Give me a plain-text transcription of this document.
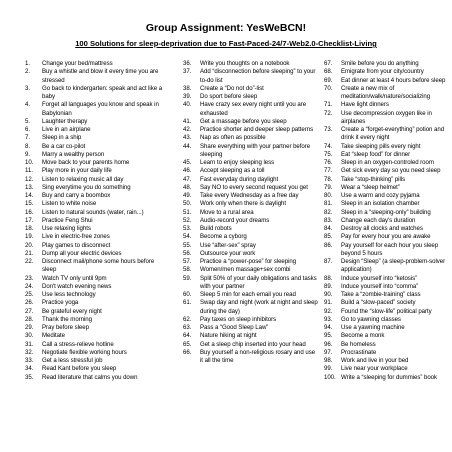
Group Assignment: YesWeBCN!

100 Solutions for sleep-deprivation due to Fast-Paced-24/7-Web2.0-Checklist-Living

1.	Change your bed/mattress
2.	Buy a whistle and blow it every time you are stressed
3.	Go back to kindergarten: speak and act like a baby
4.	Forget all languages you know and speak in Babylonian
5.	Laughter therapy
6.	Live in an airplane
7.	Sleep in a ship
8.	Be a car co-pilot
9.	Marry a wealthy person
10.	Move back to your parents home
11.	Play more in your daily life
12.	Listen to relaxing music all day
13.	Sing everytime you do something
14.	Buy and carry a boombox
15.	Listen to white noise
16.	Listen to natural sounds (water, rain...)
17.	Practice Feng Shui
18.	Use relaxing lights
19.	Live in electric-free zones
20.	Play games to disconnect
21.	Dump all your electric devices
22.	Disconnect mail/phone some hours before sleep
23.	Watch TV only until 9pm
24.	Don't watch evening news
25.	Use less technology
26.	Practice yoga
27.	Be grateful every night
28.	Thank the morning
29.	Pray before sleep
30.	Meditate
31.	Call a stress-relieve hotline
32.	Negotiate flexible working hours
33.	Get a less stressful job
34.	Read Kant before you sleep
35.	Read literature that calms you down
36.	Write you thoughts on a notebook
37.	Add “disconnection before sleeping” to your to-do list
38.	Create a “Do not do”-list
39.	Do sport before sleep
40.	Have crazy sex every night until you are exhausted
41.	Get a massage before you sleep
42.	Practice shorter and deeper sleep patterns
43.	Nap as often as possible
44.	Share everything with your partner before sleeping
45.	Learn to enjoy sleeping less
46.	Accept sleeping as a toll
47.	Fast everyday during daylight
48.	Say NO to every second request you get
49.	Take every Wednesday as a free day
50.	Work only when there is daylight
51.	Move to a rural area
52.	Audio-record your dreams
53.	Build robots
54.	Become a cyborg
55.	Use “after-sex” spray
56.	Outsource your work
57.	Practice a “power-pose” for sleeping
58.	Women/men massage+sex combi
59.	Split 50% of your daily obligations and tasks with your partner
60.	Sleep 5 min for each email you read
61.	Swap day and night (work at night and sleep during the day)
62.	Pay taxes on sleep inhibitors
63.	Pass a “Good Sleep Law”
64.	Nature hiking at night
65.	Get a sleep chip inserted into your head
66.	Buy yourself a non-religious rosary and use it all the time
67.	Smile before you do anything
68.	Emigrate from your city/country
69.	Eat dinner at least 4 hours before sleep
70.	Create a new mix of meditation/walk/nature/socializing
71.	Have light dinners
72.	Use decompression oxygen like in airplanes
73.	Create a “forget-everything” potion and drink it every night
74.	Take sleeping pills every night
75.	Eat “sleep food” for dinner
76.	Sleep in an oxygen-controled room
77.	Get sick every day so you need sleep
78.	Take “stop-thinking” pills
79.	Wear a “sleep helmet”
80.	Use a warm and cozy pyjama
81.	Sleep in an isolation chamber
82.	Sleep in a “sleeping-only” building
83.	Change each day's duration
84.	Destroy all clocks and watches
85.	Pay for every hour you are awake
86.	Pay yourself for each hour you sleep beyond 5 hours
87.	Design “Sleep” (a sleep-problem-solver application)
88.	Induce yourself into “ketosis”
89.	Induce yourself into “comma”
90.	Take a “zombie-training” class
91.	Build a “slow-paced” society
92.	Found the “slow-life” political party
93.	Go to yawning classes
94.	Use a yawning machine
95.	Become a monk
96.	Be homeless
97.	Procrastinate
98.	Work and live in your bed
99.	Live near your workplace
100. Write a “sleeping for dummies” book
